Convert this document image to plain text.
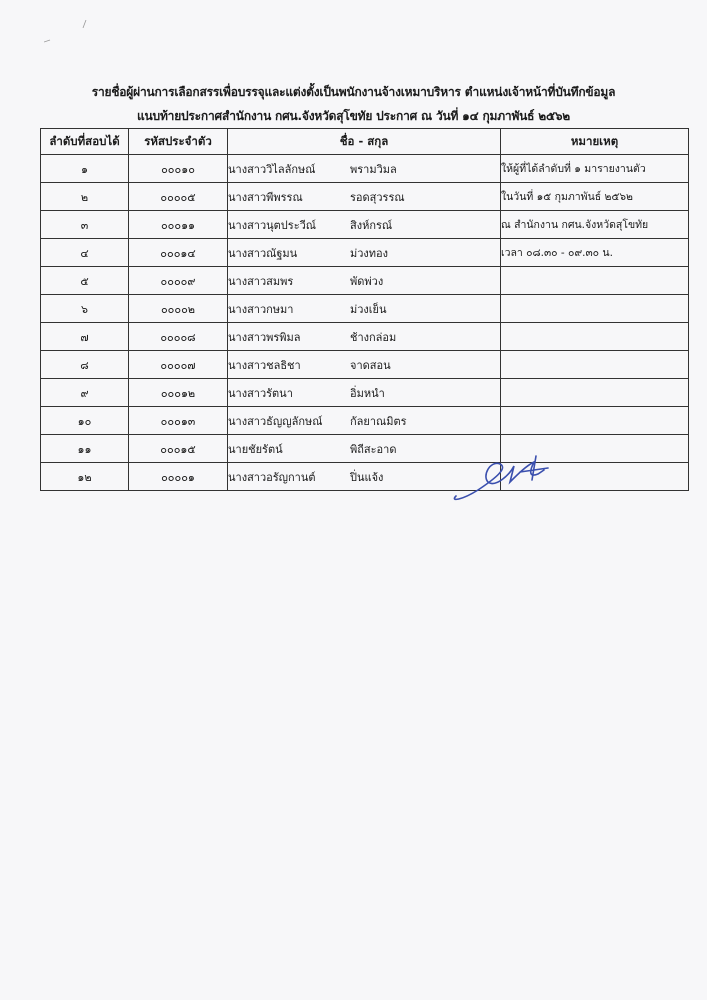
รายชื่อผู้ผ่านการเลือกสรรเพื่อบรรจุและแต่งตั้งเป็นพนักงานจ้างเหมาบริหาร ตำแหน่งเจ้าหน้าที่บันทึกข้อมูล
แนบท้ายประกาศสำนักงาน กศน.จังหวัดสุโขทัย ประกาศ ณ วันที่ ๑๔ กุมภาพันธ์ ๒๕๖๒
ลำดับที่สอบได้	รหัสประจำตัว	ชื่อ - สกุล	หมายเหตุ
๑	๐๐๐๑๐	นางสาววิไลลักษณ์ พรามวิมล	ให้ผู้ที่ได้ลำดับที่ ๑ มารายงานตัว
๒	๐๐๐๐๕	นางสาวพีพรรณ รอดสุวรรณ	ในวันที่ ๑๕ กุมภาพันธ์ ๒๕๖๒
๓	๐๐๐๑๑	นางสาวนุตประวีณ์ สิงห์กรณ์	ณ สำนักงาน กศน.จังหวัดสุโขทัย
๔	๐๐๐๑๔	นางสาวณัฐมน ม่วงทอง	เวลา ๐๘.๓๐ - ๐๙.๓๐ น.
๕	๐๐๐๐๙	นางสาวสมพร พัดพ่วง	
๖	๐๐๐๐๒	นางสาวกษมา ม่วงเย็น	
๗	๐๐๐๐๘	นางสาวพรพิมล ช้างกล่อม	
๘	๐๐๐๐๗	นางสาวชลธิชา จาดสอน	
๙	๐๐๐๑๒	นางสาวรัตนา อิ่มหนำ	
๑๐	๐๐๐๑๓	นางสาวธัญญลักษณ์ กัลยาณมิตร	
๑๑	๐๐๐๑๕	นายชัยรัตน์ พิถีสะอาด	
๑๒	๐๐๐๐๑	นางสาวอรัญกานต์ ปิ่นแจ้ง	
